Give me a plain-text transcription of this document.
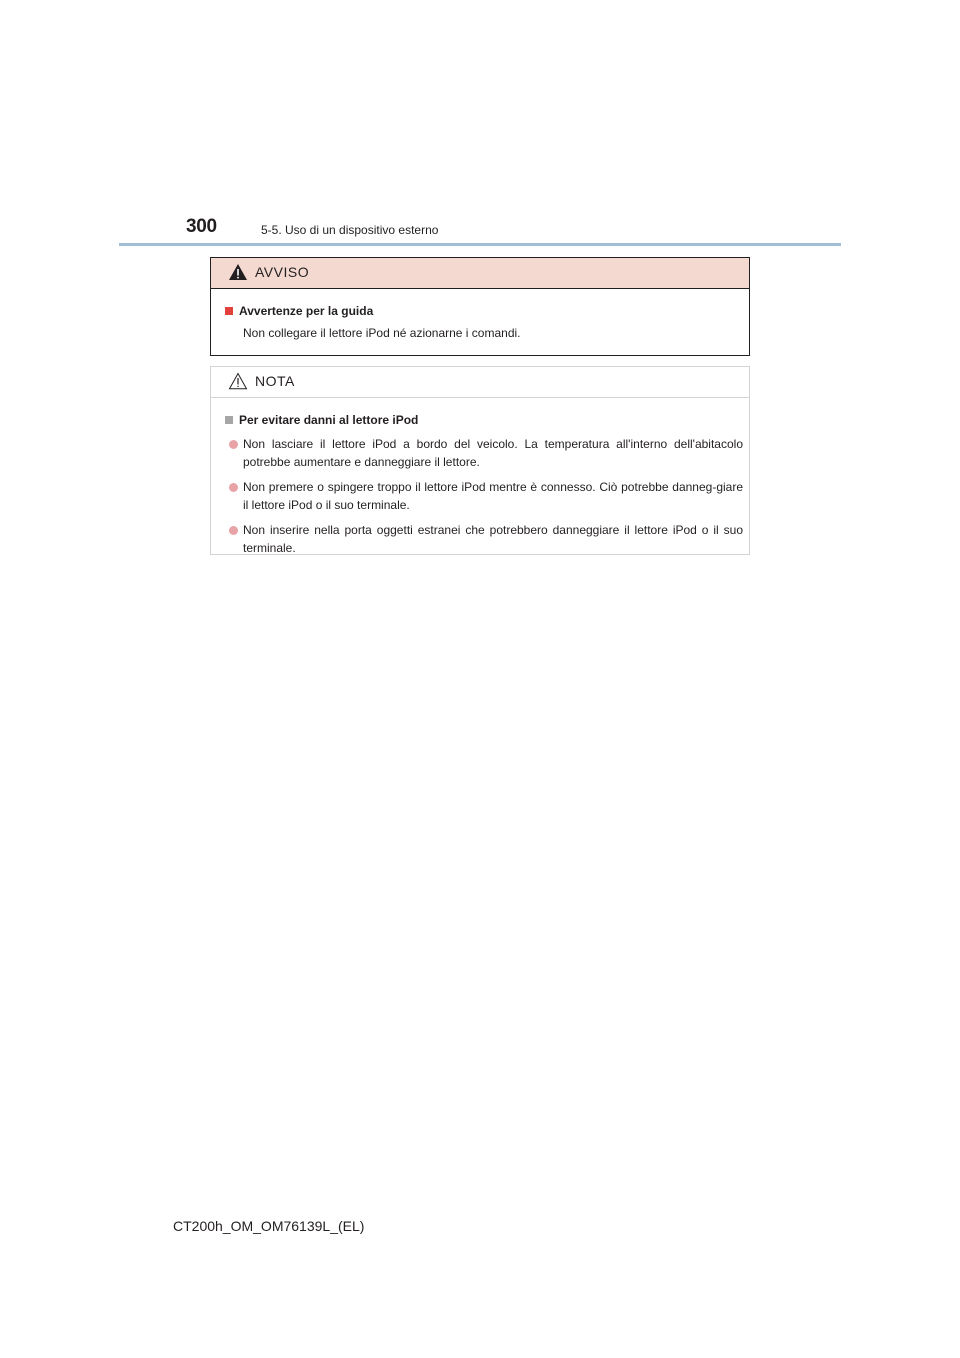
300	5-5. Uso di un dispositivo esterno
AVVISO
Avvertenze per la guida
Non collegare il lettore iPod né azionarne i comandi.
NOTA
Per evitare danni al lettore iPod
Non lasciare il lettore iPod a bordo del veicolo. La temperatura all'interno dell'abitacolo potrebbe aumentare e danneggiare il lettore.
Non premere o spingere troppo il lettore iPod mentre è connesso. Ciò potrebbe danneg-giare il lettore iPod o il suo terminale.
Non inserire nella porta oggetti estranei che potrebbero danneggiare il lettore iPod o il suo terminale.
CT200h_OM_OM76139L_(EL)
